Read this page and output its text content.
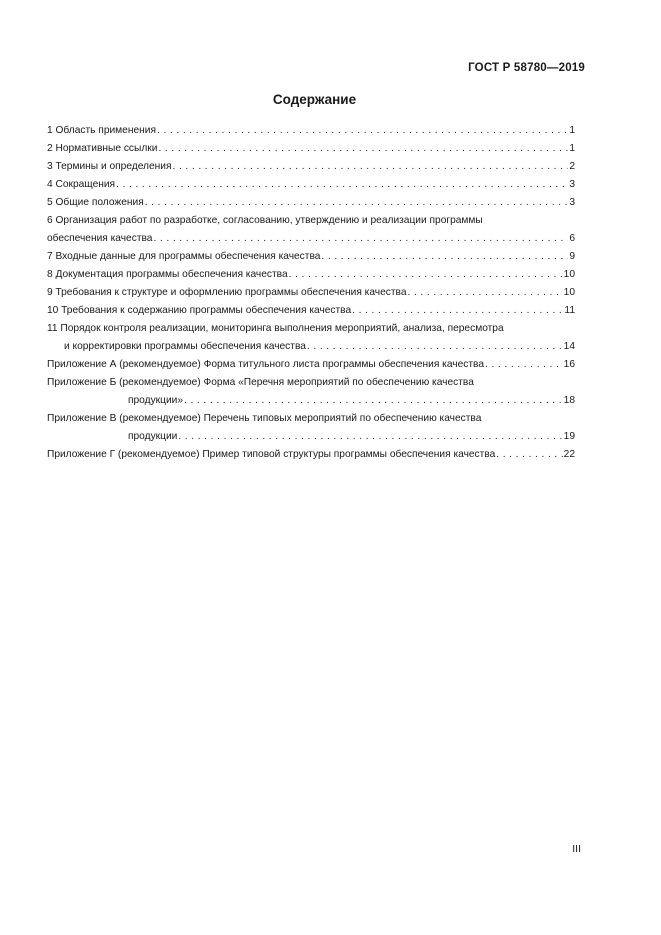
ГОСТ Р 58780—2019
Содержание
1 Область применения . . .	1
2 Нормативные ссылки . . .	1
3 Термины и определения . . .	2
4 Сокращения . . .	3
5 Общие положения . . .	3
6 Организация работ по разработке, согласованию, утверждению и реализации программы
обеспечения качества . . .	6
7 Входные данные для программы обеспечения качества . . .	9
8 Документация программы обеспечения качества . . .	10
9 Требования к структуре и оформлению программы обеспечения качества . . .	10
10 Требования к содержанию программы обеспечения качества . . .	11
11 Порядок контроля реализации, мониторинга выполнения мероприятий, анализа, пересмотра
и корректировки программы обеспечения качества . . .	14
Приложение А (рекомендуемое) Форма титульного листа программы обеспечения качества . . .	16
Приложение Б (рекомендуемое) Форма «Перечня мероприятий по обеспечению качества
продукции» . . .	18
Приложение В (рекомендуемое) Перечень типовых мероприятий по обеспечению качества
продукции . . .	19
Приложение Г (рекомендуемое) Пример типовой структуры программы обеспечения качества . . .	22
III
